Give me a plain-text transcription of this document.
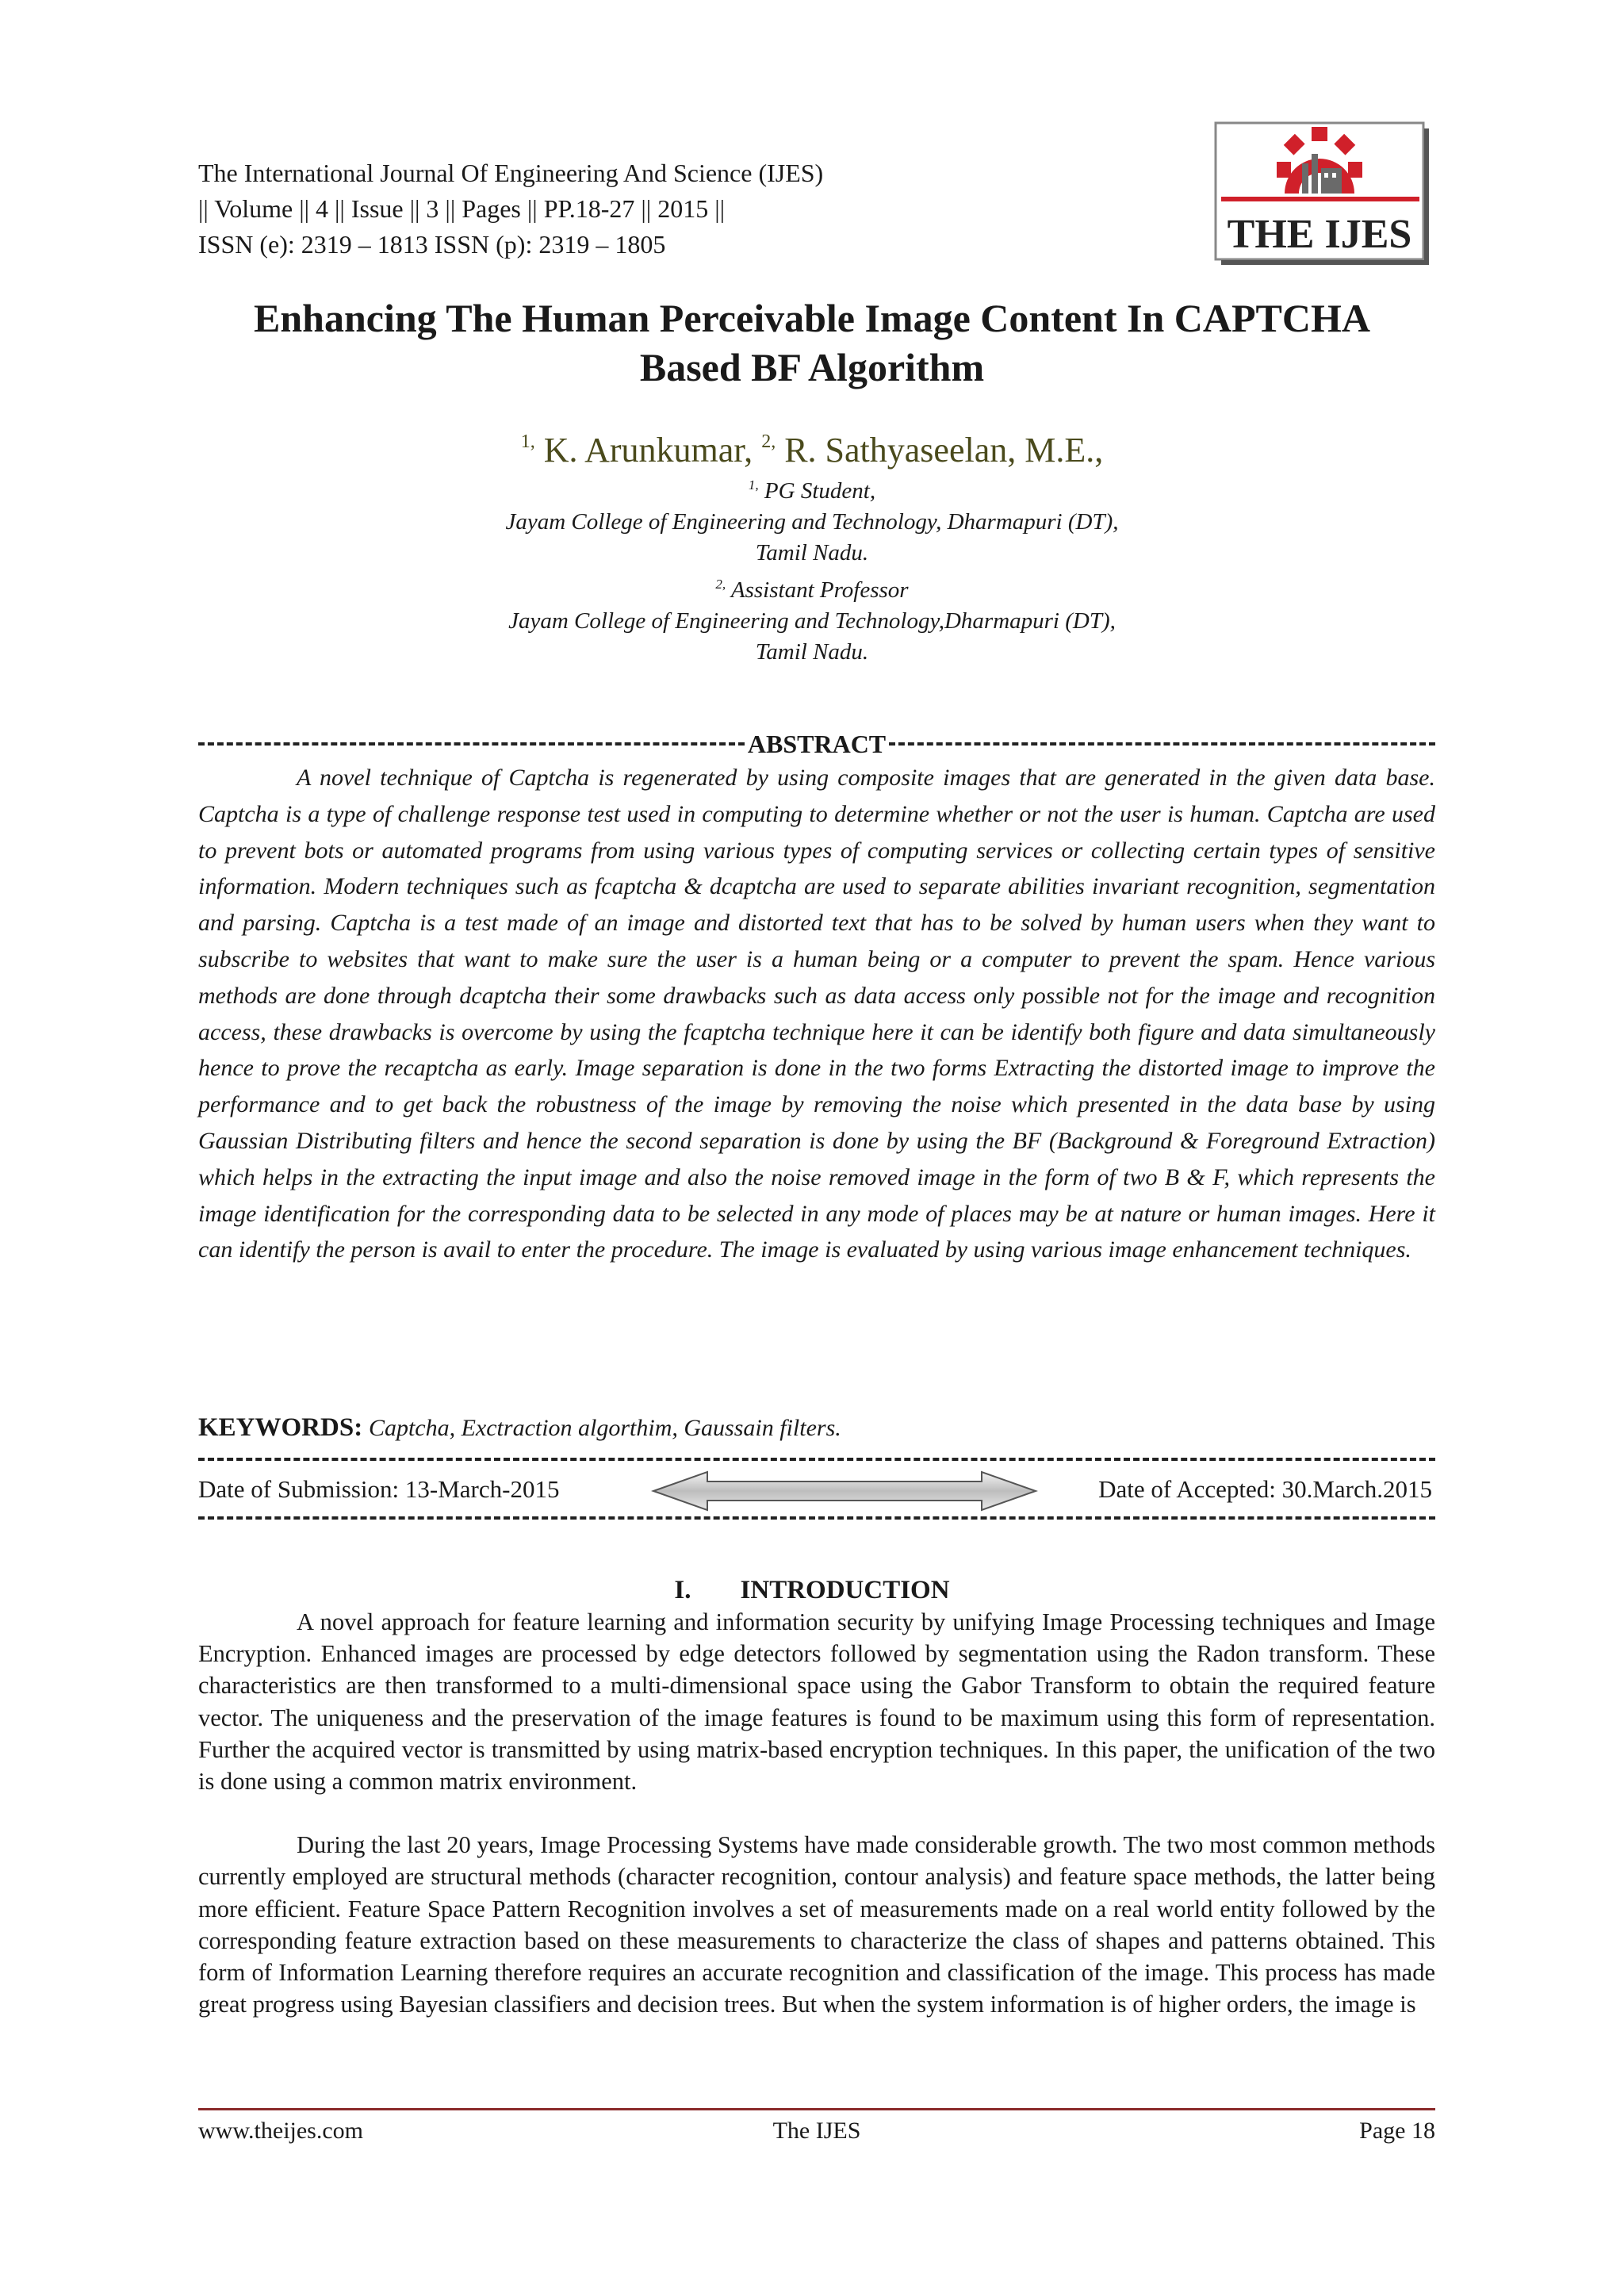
The International Journal Of Engineering And Science (IJES)
|| Volume || 4 || Issue || 3 || Pages || PP.18-27 || 2015 ||
ISSN (e): 2319 – 1813 ISSN (p): 2319 – 1805	THE IJES
Enhancing The Human Perceivable Image Content In CAPTCHA
Based BF Algorithm
$^{1,}$ K. Arunkumar, $^{2,}$ R. Sathyaseelan, M.E.,
$^{1,}$ PG Student,
Jayam College of Engineering and Technology, Dharmapuri (DT),
Tamil Nadu.
$^{2,}$ Assistant Professor
Jayam College of Engineering and Technology,Dharmapuri (DT),
Tamil Nadu.
ABSTRACT

A novel technique of Captcha is regenerated by using composite images that are generated in the given data base. Captcha is a type of challenge response test used in computing to determine whether or not the user is human. Captcha are used to prevent bots or automated programs from using various types of computing services or collecting certain types of sensitive information. Modern techniques such as fcaptcha & dcaptcha are used to separate abilities invariant recognition, segmentation and parsing. Captcha is a test made of an image and distorted text that has to be solved by human users when they want to subscribe to websites that want to make sure the user is a human being or a computer to prevent the spam. Hence various methods are done through dcaptcha their some drawbacks such as data access only possible not for the image and recognition access, these drawbacks is overcome by using the fcaptcha technique here it can be identify both figure and data simultaneously hence to prove the recaptcha as early. Image separation is done in the two forms Extracting the distorted image to improve the performance and to get back the robustness of the image by removing the noise which presented in the data base by using Gaussian Distributing filters and hence the second separation is done by using the BF (Background & Foreground Extraction) which helps in the extracting the input image and also the noise removed image in the form of two B & F, which represents the image identification for the corresponding data to be selected in any mode of places may be at nature or human images. Here it can identify the person is avail to enter the procedure. The image is evaluated by using various image enhancement techniques.

KEYWORDS: Captcha, Exctraction algorthim, Gaussain filters.
Date of Submission: 13-March-2015	Date of Accepted: 30.March.2015
I. INTRODUCTION

A novel approach for feature learning and information security by unifying Image Processing techniques and Image Encryption. Enhanced images are processed by edge detectors followed by segmentation using the Radon transform. These characteristics are then transformed to a multi-dimensional space using the Gabor Transform to obtain the required feature vector. The uniqueness and the preservation of the image features is found to be maximum using this form of representation. Further the acquired vector is transmitted by using matrix-based encryption techniques. In this paper, the unification of the two is done using a common matrix environment.

During the last 20 years, Image Processing Systems have made considerable growth. The two most common methods currently employed are structural methods (character recognition, contour analysis) and feature space methods, the latter being more efficient. Feature Space Pattern Recognition involves a set of measurements made on a real world entity followed by the corresponding feature extraction based on these measurements to characterize the class of shapes and patterns obtained. This form of Information Learning therefore requires an accurate recognition and classification of the image. This process has made great progress using Bayesian classifiers and decision trees. But when the system information is of higher orders, the image is

www.theijes.com	The IJES	Page 18
